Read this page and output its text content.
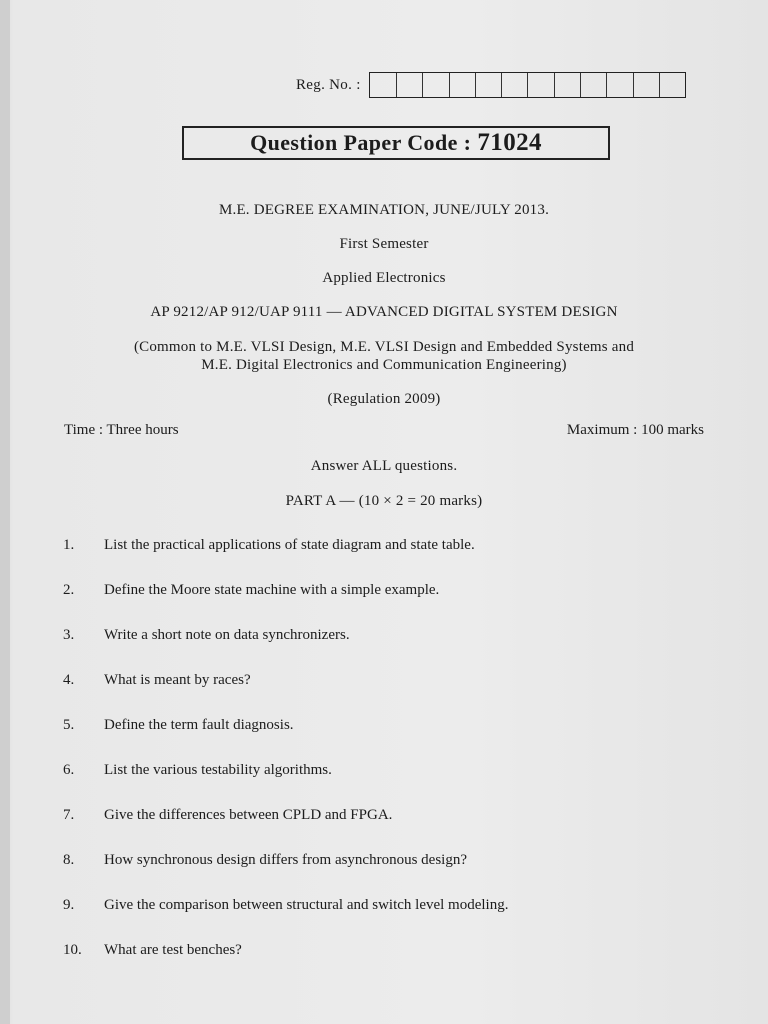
Reg. No. :
Question Paper Code : 71024
M.E. DEGREE EXAMINATION, JUNE/JULY 2013.
First Semester
Applied Electronics
AP 9212/AP 912/UAP 9111 — ADVANCED DIGITAL SYSTEM DESIGN
(Common to M.E. VLSI Design, M.E. VLSI Design and Embedded Systems and
M.E. Digital Electronics and Communication Engineering)
(Regulation 2009)
Time : Three hours	Maximum : 100 marks
Answer ALL questions.
PART A — (10 × 2 = 20 marks)
1.	List the practical applications of state diagram and state table.
2.	Define the Moore state machine with a simple example.
3.	Write a short note on data synchronizers.
4.	What is meant by races?
5.	Define the term fault diagnosis.
6.	List the various testability algorithms.
7.	Give the differences between CPLD and FPGA.
8.	How synchronous design differs from asynchronous design?
9.	Give the comparison between structural and switch level modeling.
10.	What are test benches?
